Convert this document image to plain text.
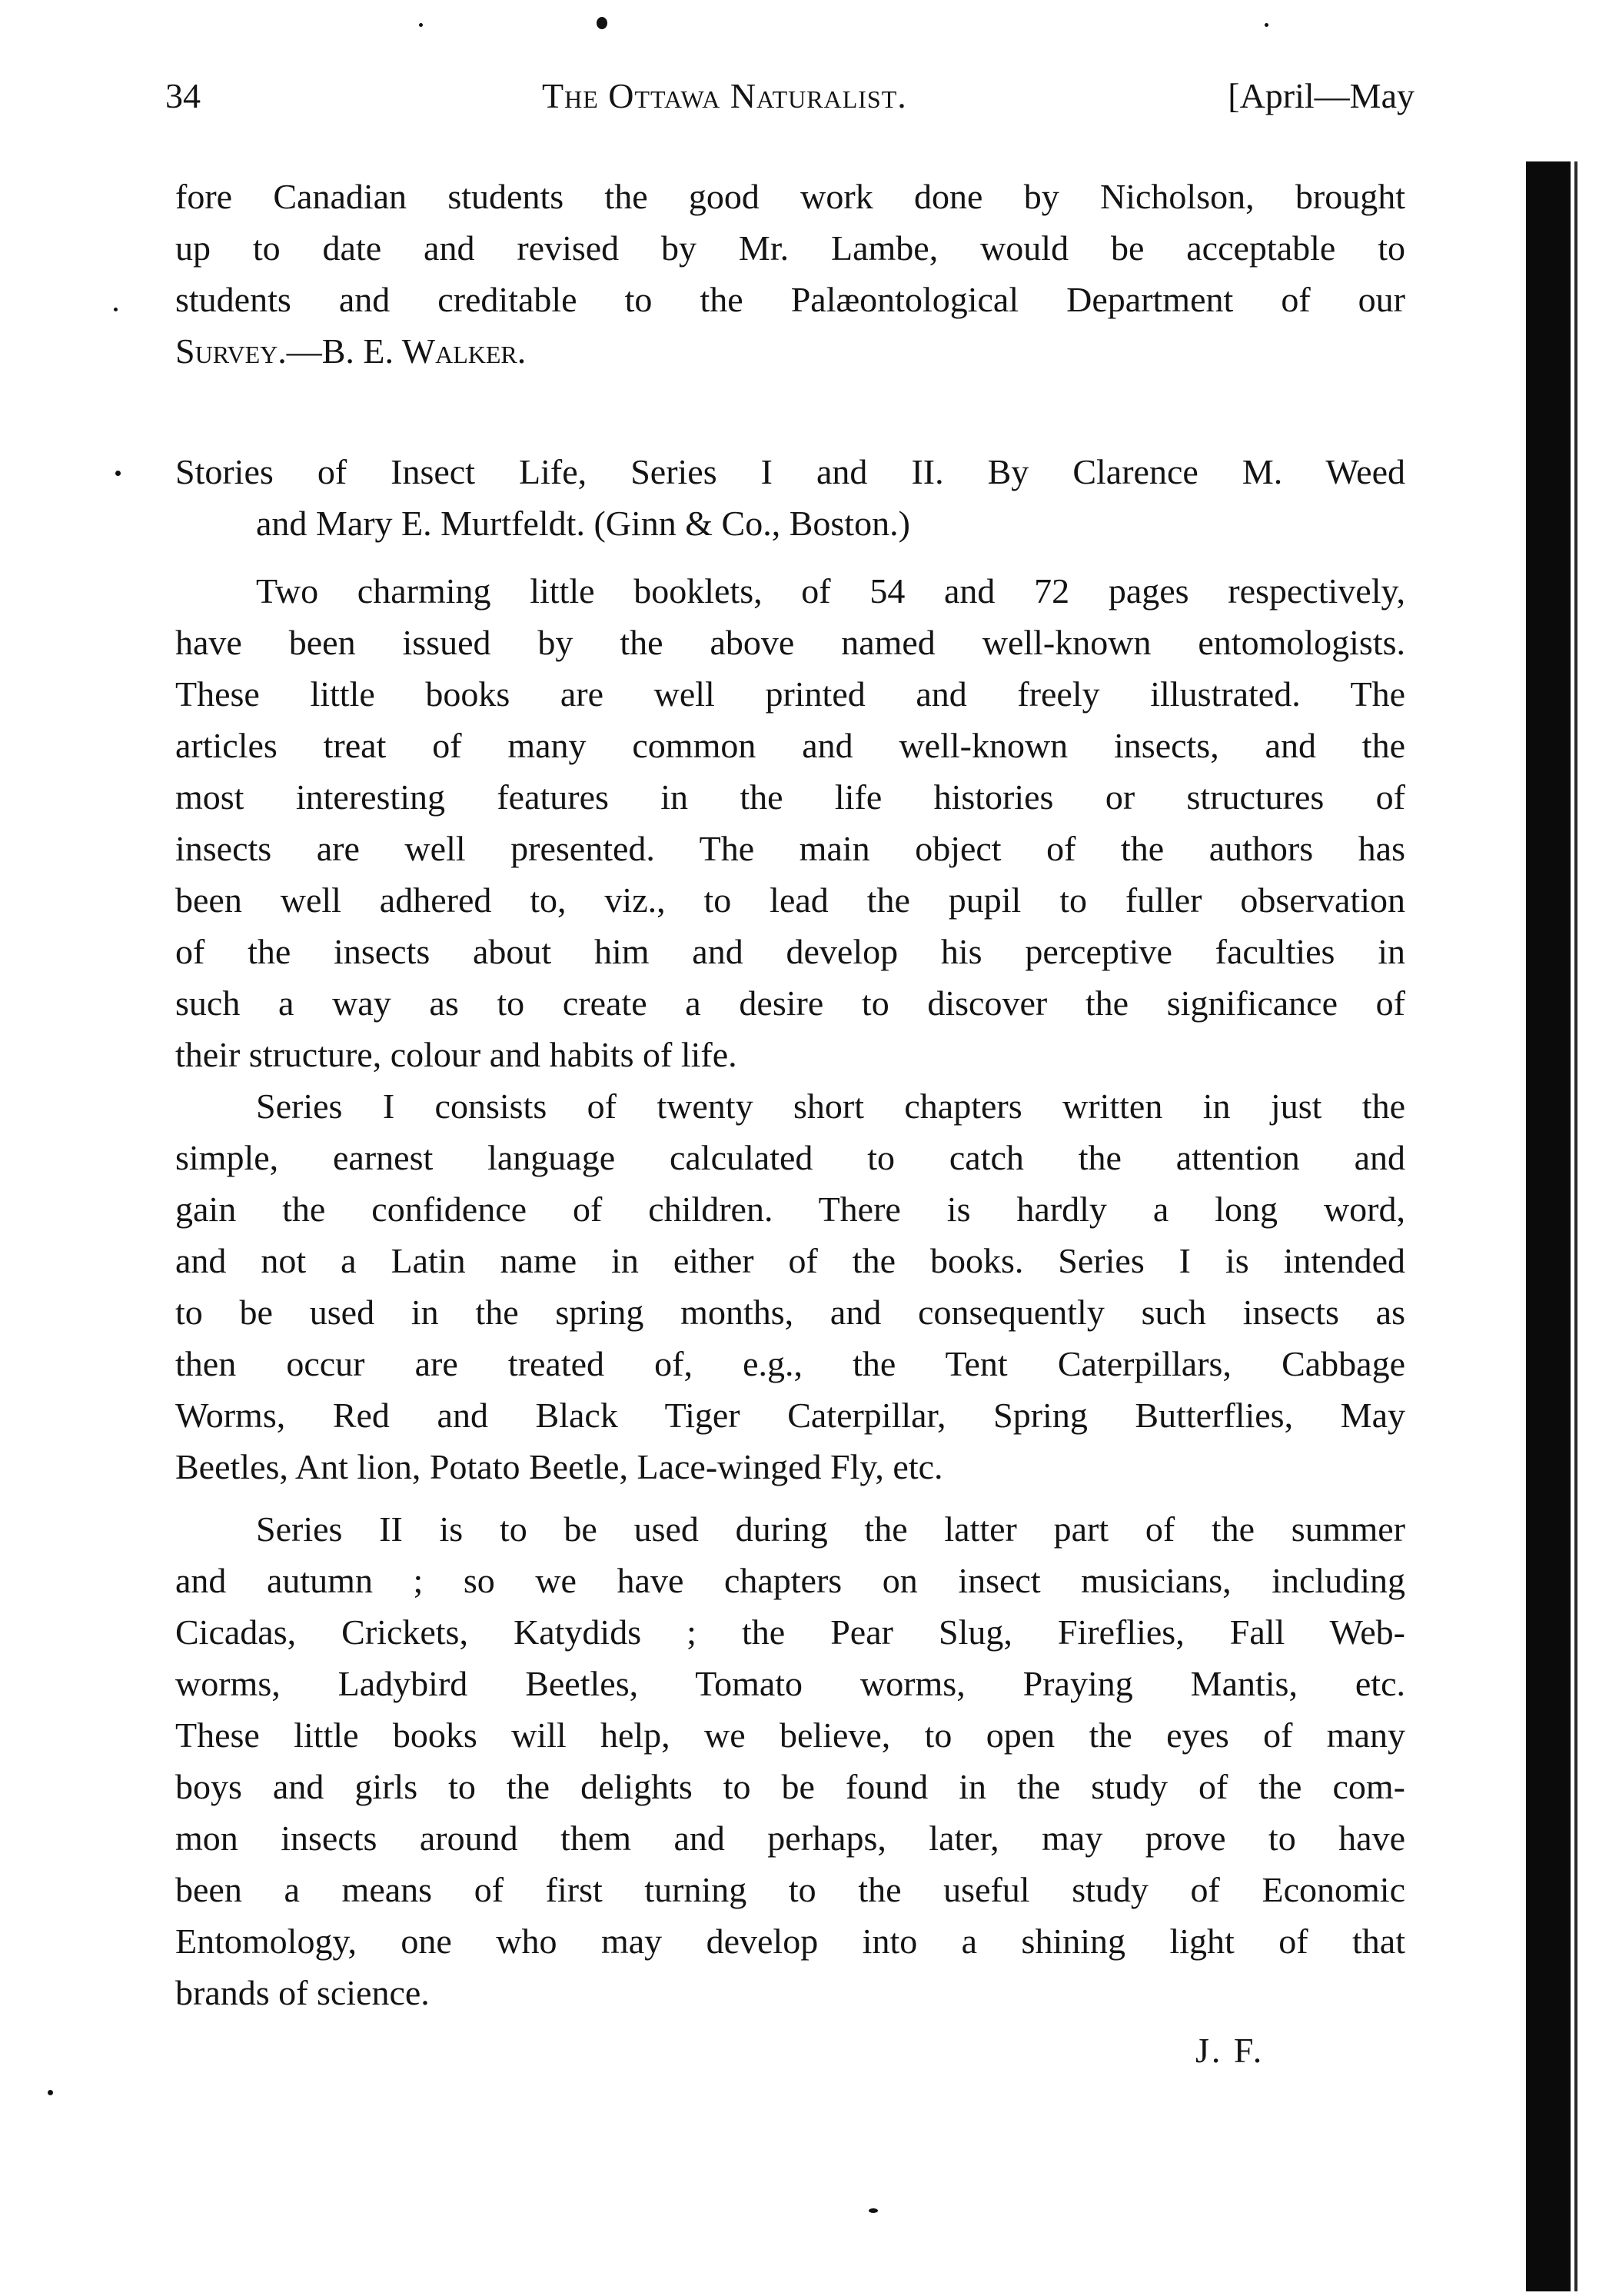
34	The Ottawa Naturalist.	[April—May
fore Canadian students the good work done by Nicholson, brought
up to date and revised by Mr. Lambe, would be acceptable to
students and creditable to the Palæontological Department of our
Survey.—B. E. Walker.
Stories of Insect Life, Series I and II. By Clarence M. Weed
and Mary E. Murtfeldt. (Ginn & Co., Boston.)
Two charming little booklets, of 54 and 72 pages respectively,
have been issued by the above named well-known entomologists.
These little books are well printed and freely illustrated. The
articles treat of many common and well-known insects, and the
most interesting features in the life histories or structures of
insects are well presented. The main object of the authors has
been well adhered to, viz., to lead the pupil to fuller observation
of the insects about him and develop his perceptive faculties in
such a way as to create a desire to discover the significance of
their structure, colour and habits of life.
Series I consists of twenty short chapters written in just the
simple, earnest language calculated to catch the attention and
gain the confidence of children. There is hardly a long word,
and not a Latin name in either of the books. Series I is intended
to be used in the spring months, and consequently such insects as
then occur are treated of, e.g., the Tent Caterpillars, Cabbage
Worms, Red and Black Tiger Caterpillar, Spring Butterflies, May
Beetles, Ant lion, Potato Beetle, Lace-winged Fly, etc.
Series II is to be used during the latter part of the summer
and autumn ; so we have chapters on insect musicians, including
Cicadas, Crickets, Katydids ; the Pear Slug, Fireflies, Fall Web-
worms, Ladybird Beetles, Tomato worms, Praying Mantis, etc.
These little books will help, we believe, to open the eyes of many
boys and girls to the delights to be found in the study of the com-
mon insects around them and perhaps, later, may prove to have
been a means of first turning to the useful study of Economic
Entomology, one who may develop into a shining light of that
brands of science.
J. F.
